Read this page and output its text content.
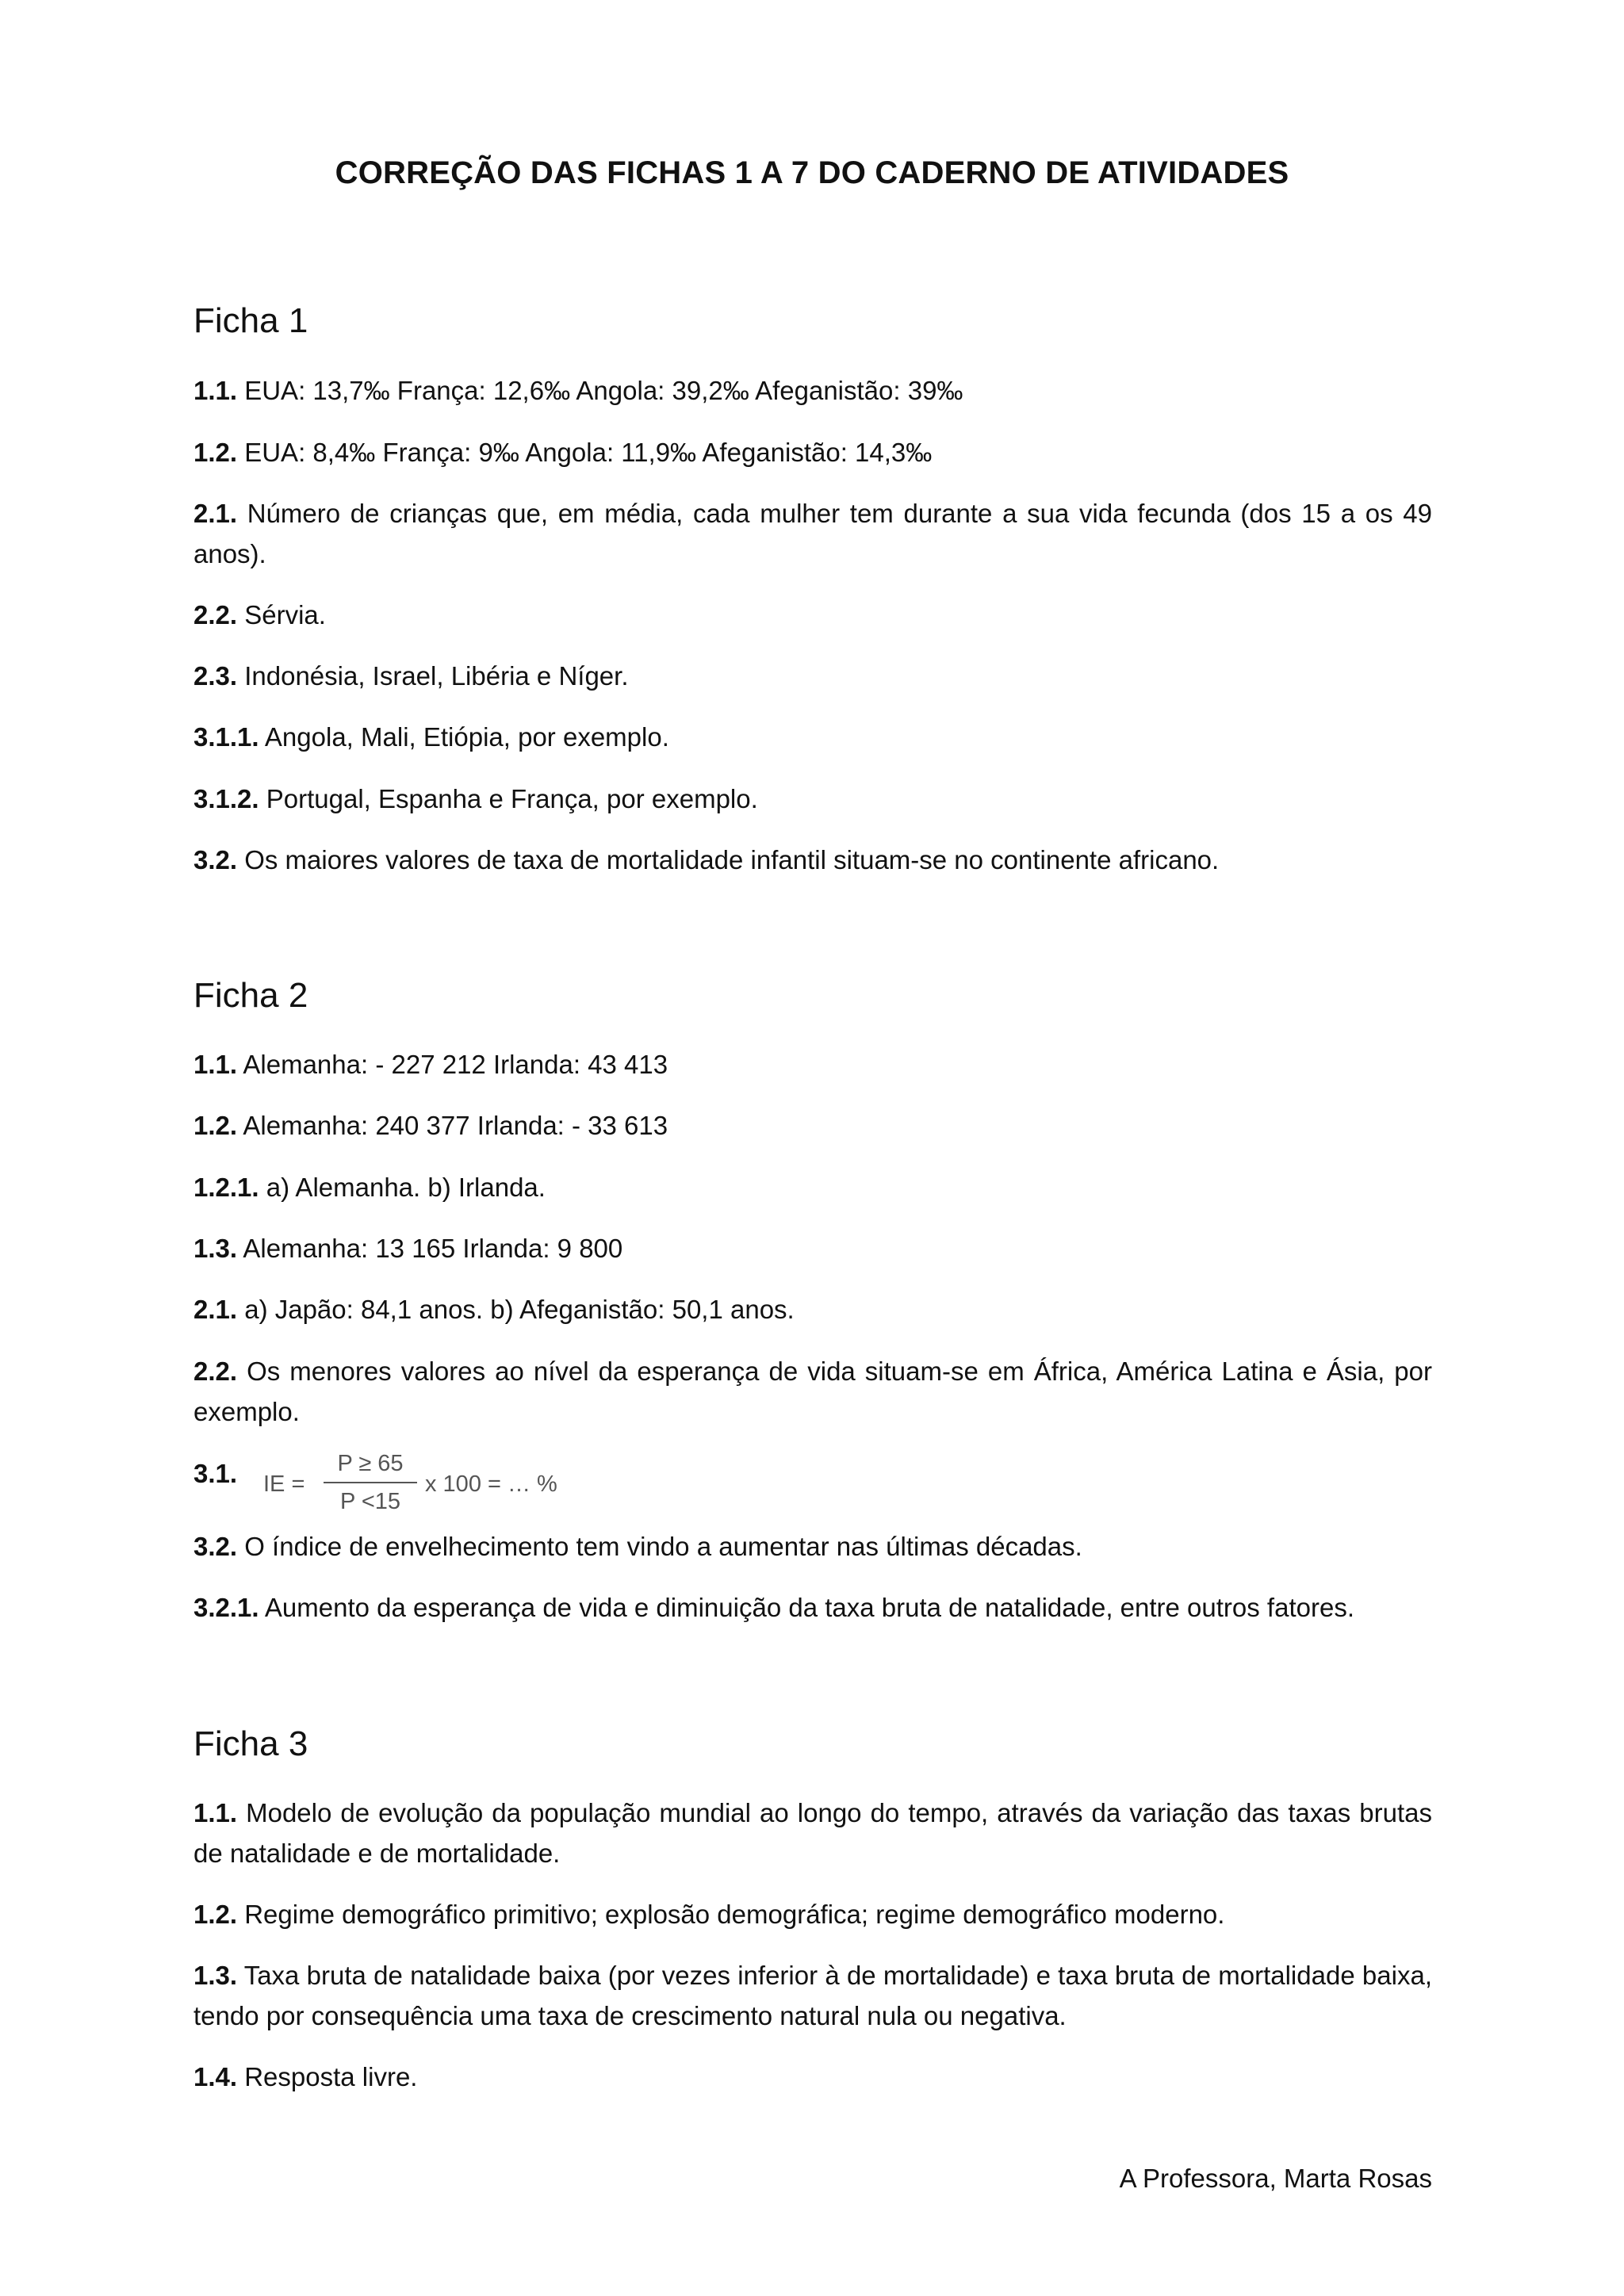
CORREÇÃO DAS FICHAS 1 A 7 DO CADERNO DE ATIVIDADES
Ficha 1
1.1. EUA: 13,7‰ França: 12,6‰ Angola: 39,2‰ Afeganistão: 39‰
1.2. EUA: 8,4‰ França: 9‰ Angola: 11,9‰ Afeganistão: 14,3‰
2.1. Número de crianças que, em média, cada mulher tem durante a sua vida fecunda (dos 15 a os 49 anos).
2.2. Sérvia.
2.3. Indonésia, Israel, Libéria e Níger.
3.1.1. Angola, Mali, Etiópia, por exemplo.
3.1.2. Portugal, Espanha e França, por exemplo.
3.2. Os maiores valores de taxa de mortalidade infantil situam-se no continente africano.
Ficha 2
1.1. Alemanha: - 227 212 Irlanda: 43 413
1.2. Alemanha: 240 377 Irlanda: - 33 613
1.2.1. a) Alemanha. b) Irlanda.
1.3. Alemanha: 13 165 Irlanda: 9 800
2.1. a) Japão: 84,1 anos. b) Afeganistão: 50,1 anos.
2.2. Os menores valores ao nível da esperança de vida situam-se em África, América Latina e Ásia, por exemplo.
3.1. IE =
P ≥ 65
P <15
x 100 = … %
3.2. O índice de envelhecimento tem vindo a aumentar nas últimas décadas.
3.2.1. Aumento da esperança de vida e diminuição da taxa bruta de natalidade, entre outros fatores.
Ficha 3
1.1. Modelo de evolução da população mundial ao longo do tempo, através da variação das taxas brutas de natalidade e de mortalidade.
1.2. Regime demográfico primitivo; explosão demográfica; regime demográfico moderno.
1.3. Taxa bruta de natalidade baixa (por vezes inferior à de mortalidade) e taxa bruta de mortalidade baixa, tendo por consequência uma taxa de crescimento natural nula ou negativa.
1.4. Resposta livre.
A Professora, Marta Rosas
